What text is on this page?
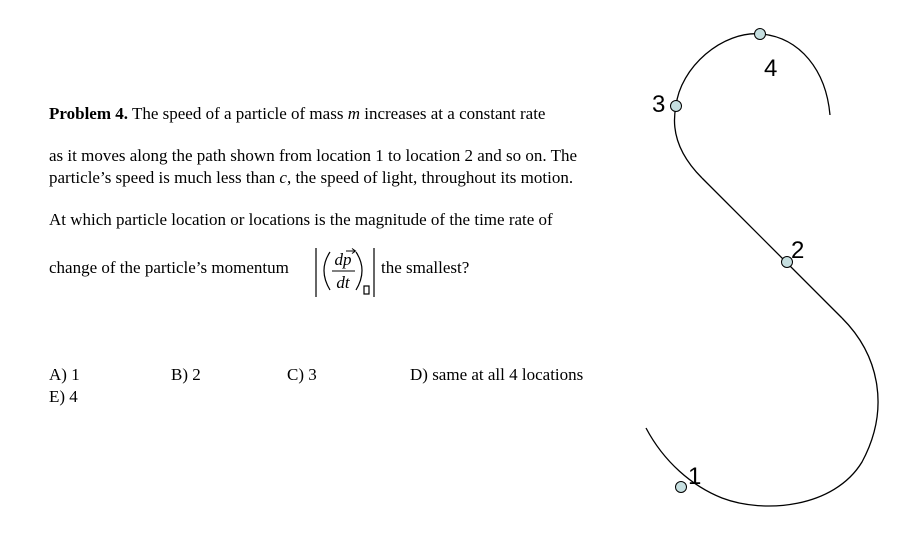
Problem 4. The speed of a particle of mass m increases at a constant rate
as it moves along the path shown from location 1 to location 2 and so on. The
particle’s speed is much less than c, the speed of light, throughout its motion.
At which particle location or locations is the magnitude of the time rate of
change of the particle’s momentum	the smallest?
dp
dt
A) 1	B) 2	C) 3	D) same at all 4 locations
E) 4
1
2
3
4
